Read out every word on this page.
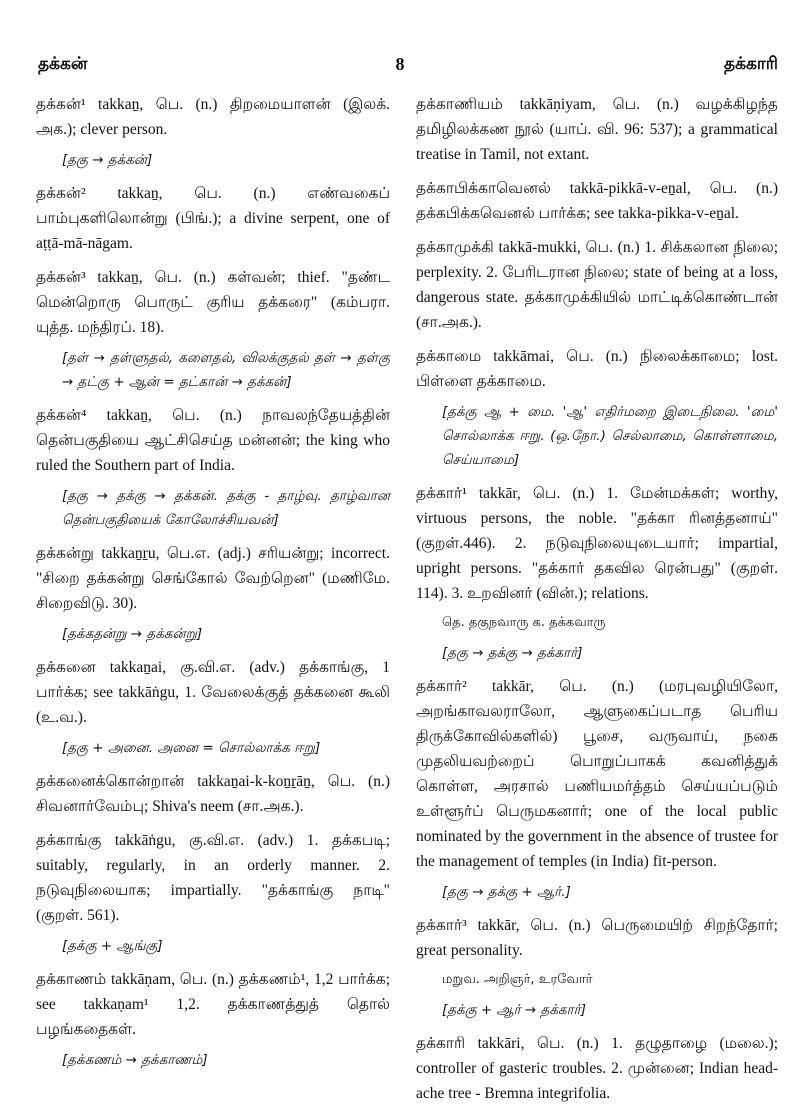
தக்கன்	8	தக்காரி
தக்கன்¹ takkaṉ, பெ. (n.) திறமையாளன் (இலக். அக.); clever person.
[தகு → தக்கன்]
தக்கன்² takkaṉ, பெ. (n.) எண்வகைப் பாம்புகளிலொன்று (பிங்.); a divine serpent, one of aṭṭā-mā-nāgam.
தக்கன்³ takkaṉ, பெ. (n.) கள்வன்; thief. "தண்ட மென்றொரு பொருட் குரிய தக்கரை" (கம்பரா. யுத்த. மந்திரப். 18).
[தள் → தள்ளுதல், களைதல், விலக்குதல் தள் → தள்கு → தட்கு + ஆன் = தட்கான் → தக்கன்]
தக்கன்⁴ takkaṉ, பெ. (n.) நாவலந்தேயத்தின் தென்பகுதியை ஆட்சிசெய்த மன்னன்; the king who ruled the Southern part of India.
[தகு → தக்கு → தக்கன். தக்கு - தாழ்வு. தாழ்வான தென்பகுதியைக் கோலோச்சியவன்]
தக்கன்று takkaṉṟu, பெ.எ. (adj.) சரியன்று; incorrect. "சிறை தக்கன்று செங்கோல் வேற்றென" (மணிமே. சிறைவிடு. 30).
[தக்கதன்று → தக்கன்று]
தக்கனை takkaṉai, கு.வி.எ. (adv.) தக்காங்கு, 1 பார்க்க; see takkāṅgu, 1. வேலைக்குத் தக்கனை கூலி (உ.வ.).
[தகு + அனை. அனை = சொல்லாக்க ஈறு]
தக்கனைக்கொன்றான் takkaṉai-k-koṉṟāṉ, பெ. (n.) சிவனார்வேம்பு; Shiva's neem (சா.அக.).
தக்காங்கு takkāṅgu, கு.வி.எ. (adv.) 1. தக்கபடி; suitably, regularly, in an orderly manner. 2. நடுவுநிலையாக; impartially. "தக்காங்கு நாடி" (குறள். 561).
[தக்கு + ஆங்கு]
தக்காணம் takkāṇam, பெ. (n.) தக்கணம்¹, 1,2 பார்க்க; see takkaṇam¹ 1,2. தக்காணத்துத் தொல் பழங்கதைகள்.
[தக்கணம் → தக்காணம்]
தக்காணியம் takkāṇiyam, பெ. (n.) வழக்கிழந்த தமிழிலக்கண நூல் (யாப். வி. 96: 537); a grammatical treatise in Tamil, not extant.
தக்காபிக்காவெனல் takkā-pikkā-v-eṉal, பெ. (n.) தக்கபிக்கவெனல் பார்க்க; see takka-pikka-v-eṉal.
தக்காமுக்கி takkā-mukki, பெ. (n.) 1. சிக்கலான நிலை; perplexity. 2. பேரிடரான நிலை; state of being at a loss, dangerous state. தக்காமுக்கியில் மாட்டிக்கொண்டான் (சா.அக.).
தக்காமை takkāmai, பெ. (n.) நிலைக்காமை; lost. பிள்ளை தக்காமை.
[தக்கு ஆ + மை. 'ஆ' எதிர்மறை இடைநிலை. 'மை' சொல்லாக்க ஈறு. (ஒ.நோ.) செல்லாமை, கொள்ளாமை, செய்யாமை]
தக்கார்¹ takkār, பெ. (n.) 1. மேன்மக்கள்; worthy, virtuous persons, the noble. "தக்கா ரினத்தனாய்" (குறள்.446). 2. நடுவுநிலையுடையார்; impartial, upright persons. "தக்கார் தகவில ரென்பது" (குறள். 114). 3. உறவினர் (வின்.); relations.
தெ. தகுநவாரு க. தக்கவாரு
[தகு → தக்கு → தக்கார்]
தக்கார்² takkār, பெ. (n.) (மரபுவழியிலோ, அறங்காவலராலோ, ஆளுகைப்படாத பெரிய திருக்கோவில்களில்) பூசை, வருவாய், நகை முதலியவற்றைப் பொறுப்பாகக் கவனித்துக் கொள்ள, அரசால் பணியமர்த்தம் செய்யப்படும் உள்ளூர்ப் பெருமகனார்; one of the local public nominated by the government in the absence of trustee for the management of temples (in India) fit-person.
[தகு → தக்கு + ஆர்.]
தக்கார்³ takkār, பெ. (n.) பெருமையிற் சிறந்தோர்; great personality.
மறுவ. அறிஞர், உரவோர்
[தக்கு + ஆர் → தக்கார்]
தக்காரி takkāri, பெ. (n.) 1. தழுதாழை (மலை.); controller of gasteric troubles. 2. முன்னை; Indian head-ache tree - Bremna integrifolia.
